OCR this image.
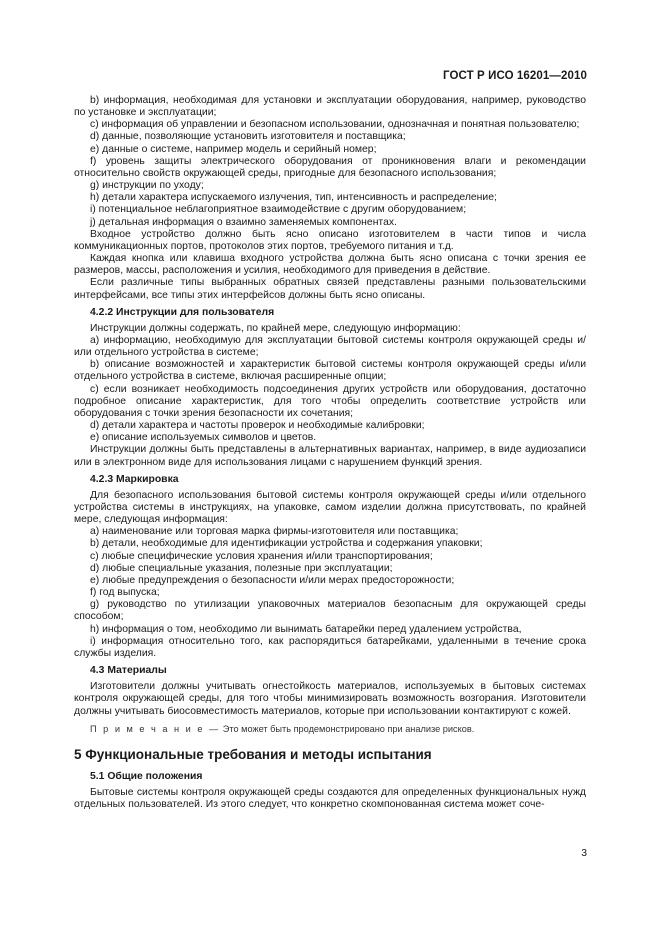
ГОСТ Р ИСО 16201—2010

b) информация, необходимая для установки и эксплуатации оборудования, например, руководство по установке и эксплуатации;

c) информация об управлении и безопасном использовании, однозначная и понятная пользователю;

d) данные, позволяющие установить изготовителя и поставщика;

e) данные о системе, например модель и серийный номер;

f) уровень защиты электрического оборудования от проникновения влаги и рекомендации относительно свойств окружающей среды, пригодные для безопасного использования;

g) инструкции по уходу;

h) детали характера испускаемого излучения, тип, интенсивность и распределение;

i) потенциальное неблагоприятное взаимодействие с другим оборудованием;

j) детальная информация о взаимно заменяемых компонентах.

Входное устройство должно быть ясно описано изготовителем в части типов и числа коммуникационных портов, протоколов этих портов, требуемого питания и т.д.

Каждая кнопка или клавиша входного устройства должна быть ясно описана с точки зрения ее размеров, массы, расположения и усилия, необходимого для приведения в действие.

Если различные типы выбранных обратных связей представлены разными пользовательскими интерфейсами, все типы этих интерфейсов должны быть ясно описаны.

4.2.2 Инструкции для пользователя

Инструкции должны содержать, по крайней мере, следующую информацию:

a) информацию, необходимую для эксплуатации бытовой системы контроля окружающей среды и/или отдельного устройства в системе;

b) описание возможностей и характеристик бытовой системы контроля окружающей среды и/или отдельного устройства в системе, включая расширенные опции;

c) если возникает необходимость подсоединения других устройств или оборудования, достаточно подробное описание характеристик, для того чтобы определить соответствие устройств или оборудования с точки зрения безопасности их сочетания;

d) детали характера и частоты проверок и необходимые калибровки;

e) описание используемых символов и цветов.

Инструкции должны быть представлены в альтернативных вариантах, например, в виде аудиозаписи или в электронном виде для использования лицами с нарушением функций зрения.

4.2.3 Маркировка

Для безопасного использования бытовой системы контроля окружающей среды и/или отдельного устройства системы в инструкциях, на упаковке, самом изделии должна присутствовать, по крайней мере, следующая информация:

a) наименование или торговая марка фирмы-изготовителя или поставщика;

b) детали, необходимые для идентификации устройства и содержания упаковки;

c) любые специфические условия хранения и/или транспортирования;

d) любые специальные указания, полезные при эксплуатации;

e) любые предупреждения о безопасности и/или мерах предосторожности;

f) год выпуска;

g) руководство по утилизации упаковочных материалов безопасным для окружающей среды способом;

h) информация о том, необходимо ли вынимать батарейки перед удалением устройства,

i) информация относительно того, как распорядиться батарейками, удаленными в течение срока службы изделия.

4.3 Материалы

Изготовители должны учитывать огнестойкость материалов, используемых в бытовых системах контроля окружающей среды, для того чтобы минимизировать возможность возгорания. Изготовители должны учитывать биосовместимость материалов, которые при использовании контактируют с кожей.

П р и м е ч а н и е — Это может быть продемонстрировано при анализе рисков.

5 Функциональные требования и методы испытания

5.1 Общие положения

Бытовые системы контроля окружающей среды создаются для определенных функциональных нужд отдельных пользователей. Из этого следует, что конкретно скомпонованная система может соче-

3
